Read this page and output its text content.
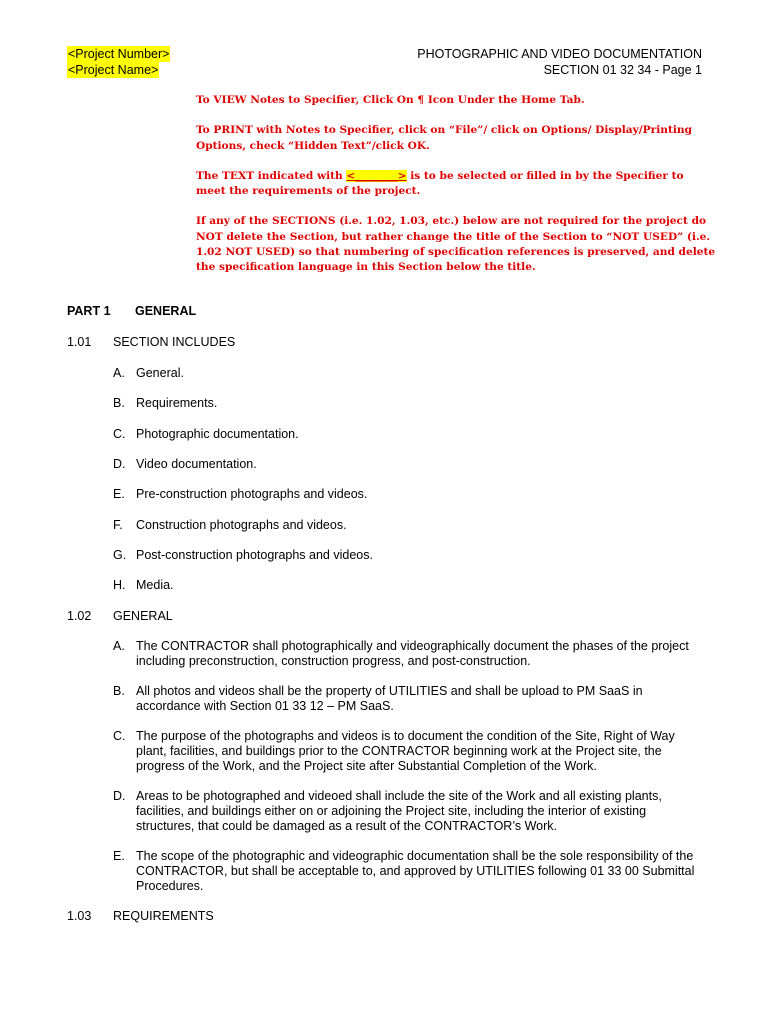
<Project Number>
<Project Name>
PHOTOGRAPHIC AND VIDEO DOCUMENTATION
SECTION 01 32 34 - Page 1
To VIEW Notes to Specifier, Click On ¶ Icon Under the Home Tab.
To PRINT with Notes to Specifier, click on “File”/ click on Options/ Display/Printing Options, check “Hidden Text”/click OK.
The TEXT indicated with <________> is to be selected or filled in by the Specifier to meet the requirements of the project.
If any of the SECTIONS (i.e. 1.02, 1.03, etc.) below are not required for the project do NOT delete the Section, but rather change the title of the Section to “NOT USED” (i.e. 1.02 NOT USED) so that numbering of specification references is preserved, and delete the specification language in this Section below the title.
PART 1 GENERAL
1.01 SECTION INCLUDES
A. General.
B. Requirements.
C. Photographic documentation.
D. Video documentation.
E. Pre-construction photographs and videos.
F. Construction photographs and videos.
G. Post-construction photographs and videos.
H. Media.
1.02 GENERAL
A. The CONTRACTOR shall photographically and videographically document the phases of the project including preconstruction, construction progress, and post-construction.
B. All photos and videos shall be the property of UTILITIES and shall be upload to PM SaaS in accordance with Section 01 33 12 – PM SaaS.
C. The purpose of the photographs and videos is to document the condition of the Site, Right of Way plant, facilities, and buildings prior to the CONTRACTOR beginning work at the Project site, the progress of the Work, and the Project site after Substantial Completion of the Work.
D. Areas to be photographed and videoed shall include the site of the Work and all existing plants, facilities, and buildings either on or adjoining the Project site, including the interior of existing structures, that could be damaged as a result of the CONTRACTOR’s Work.
E. The scope of the photographic and videographic documentation shall be the sole responsibility of the CONTRACTOR, but shall be acceptable to, and approved by UTILITIES following 01 33 00 Submittal Procedures.
1.03 REQUIREMENTS
